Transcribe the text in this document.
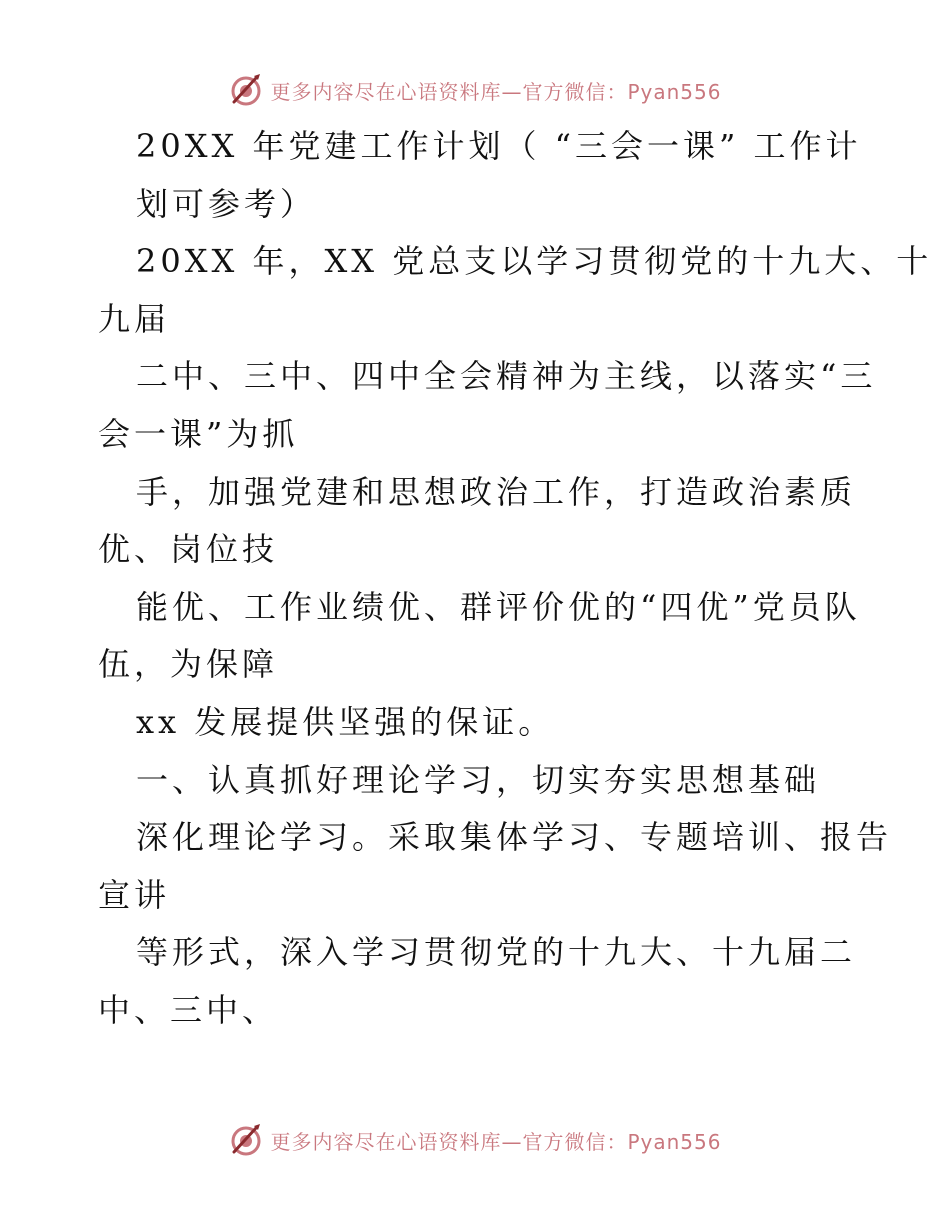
更多内容尽在心语资料库—官方微信：Pyan556
20XX 年党建工作计划（ “三会一课” 工作计
划可参考）
20XX 年，XX 党总支以学习贯彻党的十九大、十
九届
二中、三中、四中全会精神为主线，以落实“三
会一课”为抓
手，加强党建和思想政治工作，打造政治素质
优、岗位技
能优、工作业绩优、群评价优的“四优”党员队
伍，为保障
xx 发展提供坚强的保证。
一、认真抓好理论学习，切实夯实思想基础
深化理论学习。采取集体学习、专题培训、报告
宣讲
等形式，深入学习贯彻党的十九大、十九届二
中、三中、
更多内容尽在心语资料库—官方微信：Pyan556
